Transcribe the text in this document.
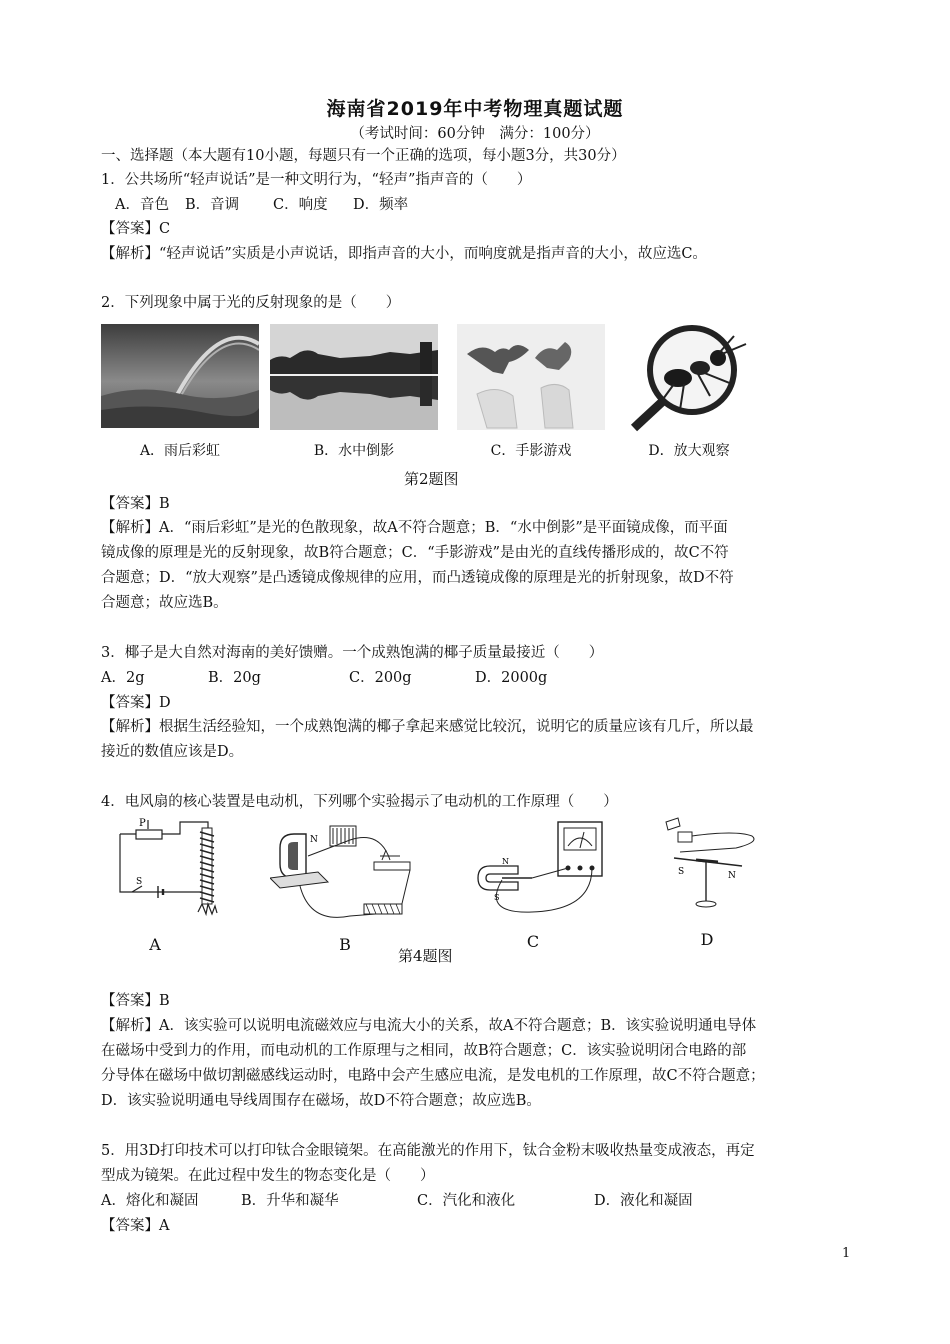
海南省2019年中考物理真题试题
（考试时间：60分钟　满分：100分）
一、选择题（本大题有10小题，每题只有一个正确的选项，每小题3分，共30分）
1．公共场所“轻声说话”是一种文明行为，“轻声”指声音的（　　）
A．音色 B．音调 C．响度 D．频率
【答案】C
【解析】“轻声说话”实质是小声说话，即指声音的大小，而响度就是指声音的大小，故应选C。
2．下列现象中属于光的反射现象的是（　　）
A．雨后彩虹	B．水中倒影	C．手影游戏	D．放大观察
第2题图
【答案】B
【解析】A．“雨后彩虹”是光的色散现象，故A不符合题意；B．“水中倒影”是平面镜成像，而平面
镜成像的原理是光的反射现象，故B符合题意；C．“手影游戏”是由光的直线传播形成的，故C不符
合题意；D．“放大观察”是凸透镜成像规律的应用，而凸透镜成像的原理是光的折射现象，故D不符
合题意；故应选B。
3．椰子是大自然对海南的美好馈赠。一个成熟饱满的椰子质量最接近（　　）
A．2g	B．20g	C．200g	D．2000g
【答案】D
【解析】根据生活经验知，一个成熟饱满的椰子拿起来感觉比较沉，说明它的质量应该有几斤，所以最
接近的数值应该是D。
4．电风扇的核心装置是电动机，下列哪个实验揭示了电动机的工作原理（　　）
P
S
N
N
S
S	N
A	B	C	D
第4题图
【答案】B
【解析】A．该实验可以说明电流磁效应与电流大小的关系，故A不符合题意；B．该实验说明通电导体
在磁场中受到力的作用，而电动机的工作原理与之相同，故B符合题意；C．该实验说明闭合电路的部
分导体在磁场中做切割磁感线运动时，电路中会产生感应电流，是发电机的工作原理，故C不符合题意；
D．该实验说明通电导线周围存在磁场，故D不符合题意；故应选B。
5．用3D打印技术可以打印钛合金眼镜架。在高能激光的作用下，钛合金粉末吸收热量变成液态，再定
型成为镜架。在此过程中发生的物态变化是（　　）
A．熔化和凝固	B．升华和凝华	C．汽化和液化	D．液化和凝固
【答案】A
1
